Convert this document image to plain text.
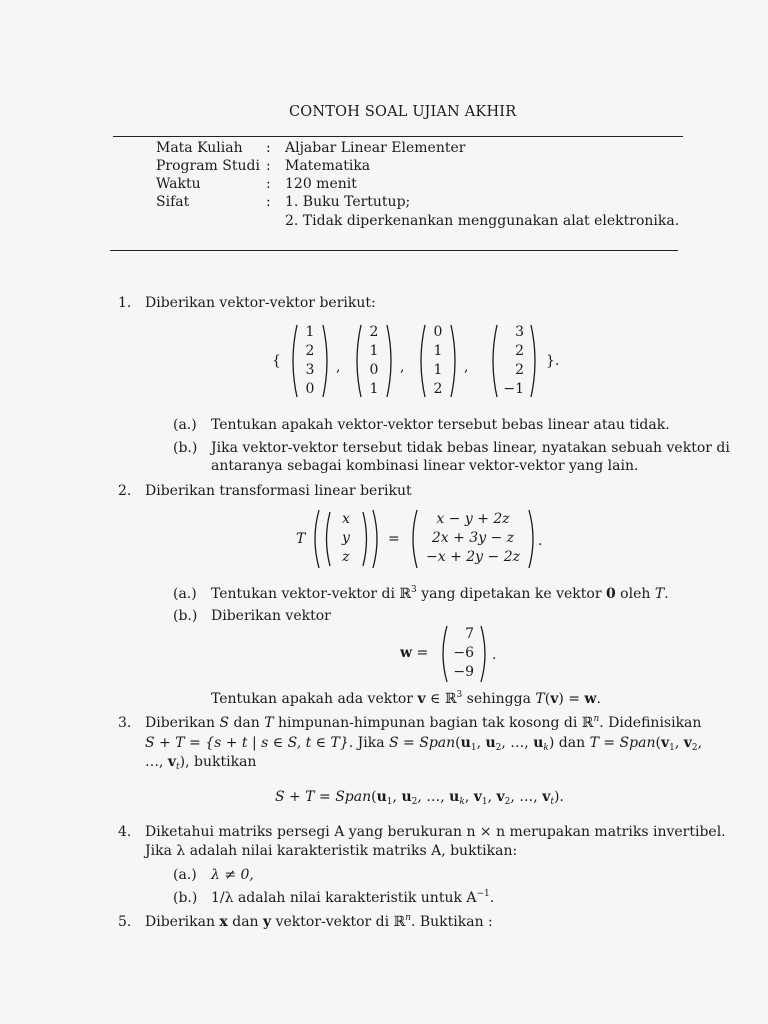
CONTOH SOAL UJIAN AKHIR
Mata Kuliah : Aljabar Linear Elementer
Program Studi : Matematika
Waktu	: 120 menit
Sifat	: 1. Buku Tertutup;
2. Tidak diperkenankan menggunakan alat elektronika.
1. Diberikan vektor-vektor berikut:
{
1
2
3
0
,
2
1
0
1
,
0
1
1
2
,
3
2
2
−1
}.
(a.) Tentukan apakah vektor-vektor tersebut bebas linear atau tidak.
(b.) Jika vektor-vektor tersebut tidak bebas linear, nyatakan sebuah vektor di
antaranya sebagai kombinasi linear vektor-vektor yang lain.
2. Diberikan transformasi linear berikut
T
x
y
z
=
x − y + 2z
2x + 3y − z
−x + 2y − 2z
.
(a.) Tentukan vektor-vektor di ℝ$^3$ yang dipetakan ke vektor 0 oleh T.
(b.) Diberikan vektor
w =
7
−6
−9
.
Tentukan apakah ada vektor v ∈ ℝ$^3$ sehingga T(v) = w.
3. Diberikan S dan T himpunan-himpunan bagian tak kosong di ℝ$^n$. Didefinisikan
S + T = {s + t | s ∈ S, t ∈ T}. Jika $S = Span(u_1$, $u_2$, …, $u_k$) dan $T = Span(v_1$, $v_2$,
…, $v_t$), buktikan
$S + T = Span(u_1$, $u_2$, …, $u_k$, $v_1$, $v_2$, …, $v_t$).
4. Diketahui matriks persegi A yang berukuran n × n merupakan matriks invertibel.
Jika λ adalah nilai karakteristik matriks A, buktikan:
(a.) λ ≠ 0,
(b.) 1/λ adalah nilai karakteristik untuk $A^{-1}$.
5. Diberikan x dan y vektor-vektor di ℝ$^n$. Buktikan :
